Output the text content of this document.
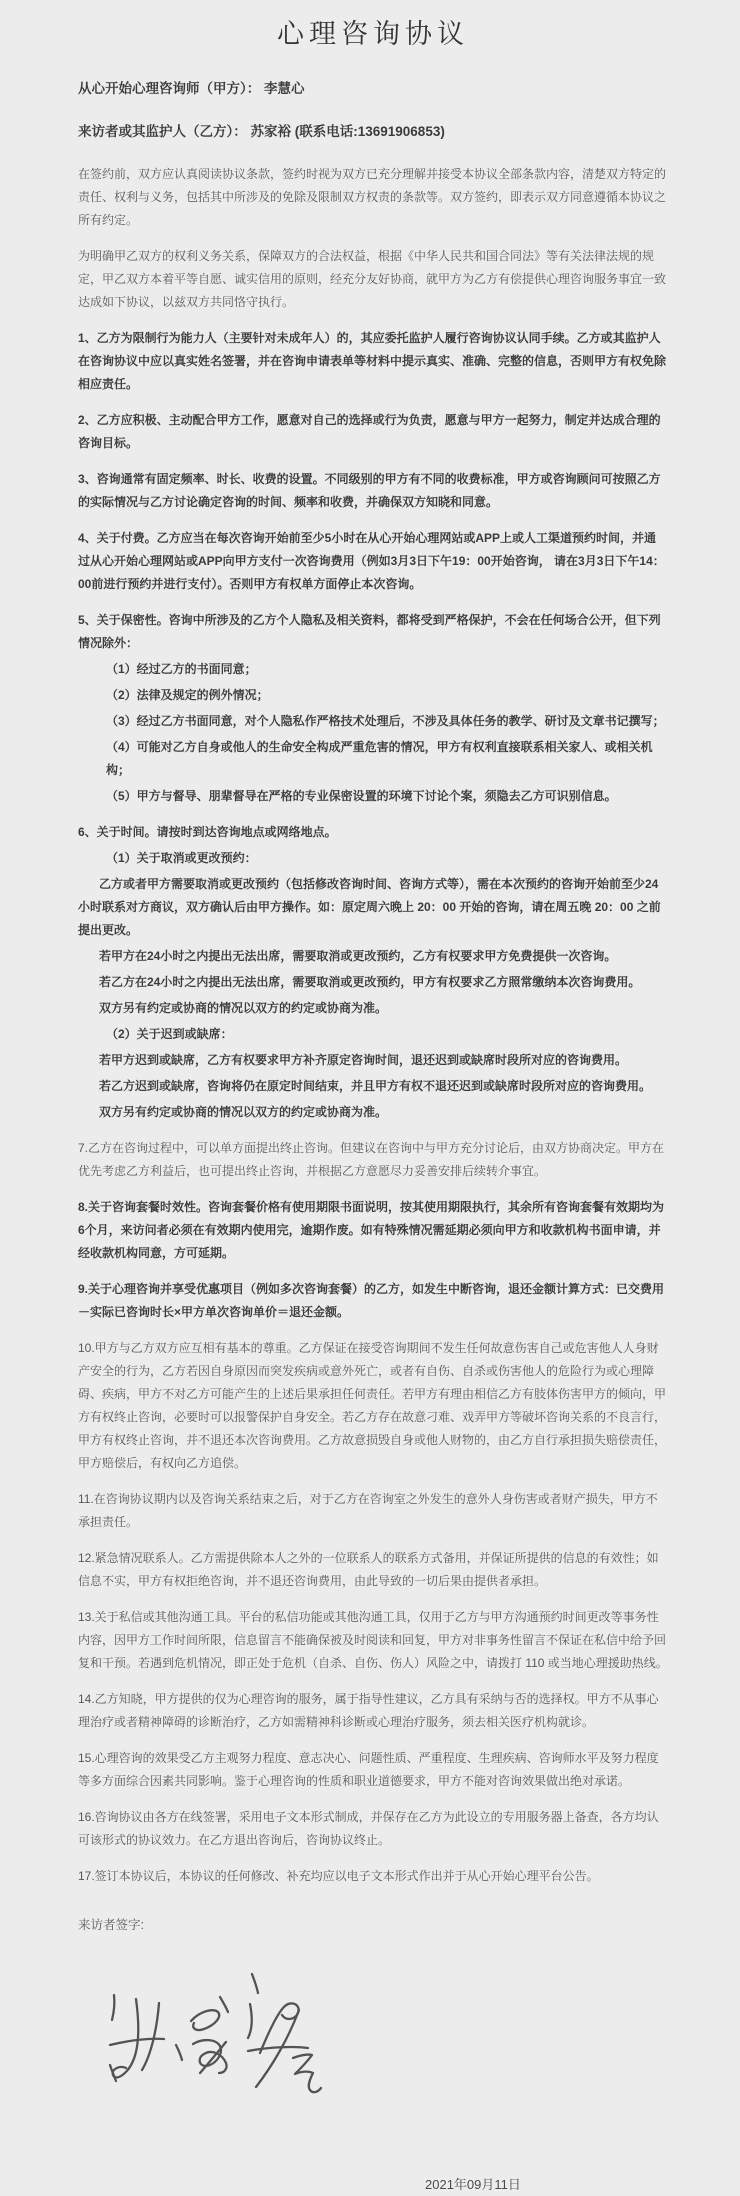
心理咨询协议

从心开始心理咨询师（甲方）： 李慧心

来访者或其监护人（乙方）： 苏家裕 (联系电话:13691906853)

在签约前，双方应认真阅读协议条款，签约时视为双方已充分理解并接受本协议全部条款内容，清楚双方特定的责任、权利与义务，包括其中所涉及的免除及限制双方权责的条款等。双方签约，即表示双方同意遵循本协议之所有约定。

为明确甲乙双方的权利义务关系，保障双方的合法权益，根据《中华人民共和国合同法》等有关法律法规的规定，甲乙双方本着平等自愿、诚实信用的原则，经充分友好协商，就甲方为乙方有偿提供心理咨询服务事宜一致达成如下协议，以兹双方共同恪守执行。

1、乙方为限制行为能力人（主要针对未成年人）的，其应委托监护人履行咨询协议认同手续。乙方或其监护人在咨询协议中应以真实姓名签署，并在咨询申请表单等材料中提示真实、准确、完整的信息，否则甲方有权免除相应责任。

2、乙方应积极、主动配合甲方工作，愿意对自己的选择或行为负责，愿意与甲方一起努力，制定并达成合理的咨询目标。

3、咨询通常有固定频率、时长、收费的设置。不同级别的甲方有不同的收费标准，甲方或咨询顾问可按照乙方的实际情况与乙方讨论确定咨询的时间、频率和收费，并确保双方知晓和同意。

4、关于付费。乙方应当在每次咨询开始前至少5小时在从心开始心理网站或APP上或人工渠道预约时间，并通过从心开始心理网站或APP向甲方支付一次咨询费用（例如3月3日下午19：00开始咨询， 请在3月3日下午14：00前进行预约并进行支付）。否则甲方有权单方面停止本次咨询。

5、关于保密性。咨询中所涉及的乙方个人隐私及相关资料，都将受到严格保护，不会在任何场合公开，但下列情况除外：

（1）经过乙方的书面同意；

（2）法律及规定的例外情况；

（3）经过乙方书面同意，对个人隐私作严格技术处理后，不涉及具体任务的教学、研讨及文章书记撰写；

（4）可能对乙方自身或他人的生命安全构成严重危害的情况，甲方有权利直接联系相关家人、或相关机构；

（5）甲方与督导、朋辈督导在严格的专业保密设置的环境下讨论个案，须隐去乙方可识别信息。

6、关于时间。请按时到达咨询地点或网络地点。

（1）关于取消或更改预约：

乙方或者甲方需要取消或更改预约（包括修改咨询时间、咨询方式等），需在本次预约的咨询开始前至少24小时联系对方商议，双方确认后由甲方操作。如：原定周六晚上 20：00 开始的咨询，请在周五晚 20：00 之前提出更改。

若甲方在24小时之内提出无法出席，需要取消或更改预约，乙方有权要求甲方免费提供一次咨询。

若乙方在24小时之内提出无法出席，需要取消或更改预约，甲方有权要求乙方照常缴纳本次咨询费用。

双方另有约定或协商的情况以双方的约定或协商为准。

（2）关于迟到或缺席：

若甲方迟到或缺席，乙方有权要求甲方补齐原定咨询时间，退还迟到或缺席时段所对应的咨询费用。

若乙方迟到或缺席，咨询将仍在原定时间结束，并且甲方有权不退还迟到或缺席时段所对应的咨询费用。

双方另有约定或协商的情况以双方的约定或协商为准。

7.乙方在咨询过程中，可以单方面提出终止咨询。但建议在咨询中与甲方充分讨论后，由双方协商决定。甲方在优先考虑乙方利益后，也可提出终止咨询，并根据乙方意愿尽力妥善安排后续转介事宜。

8.关于咨询套餐时效性。咨询套餐价格有使用期限书面说明，按其使用期限执行，其余所有咨询套餐有效期均为6个月，来访问者必须在有效期内使用完，逾期作废。如有特殊情况需延期必须向甲方和收款机构书面申请，并经收款机构同意，方可延期。

9.关于心理咨询并享受优惠项目（例如多次咨询套餐）的乙方，如发生中断咨询，退还金额计算方式：已交费用－实际已咨询时长×甲方单次咨询单价＝退还金额。

10.甲方与乙方双方应互相有基本的尊重。乙方保证在接受咨询期间不发生任何故意伤害自己或危害他人人身财产安全的行为，乙方若因自身原因而突发疾病或意外死亡，或者有自伤、自杀或伤害他人的危险行为或心理障碍、疾病，甲方不对乙方可能产生的上述后果承担任何责任。若甲方有理由相信乙方有肢体伤害甲方的倾向，甲方有权终止咨询，必要时可以报警保护自身安全。若乙方存在故意刁难、戏弄甲方等破坏咨询关系的不良言行，甲方有权终止咨询，并不退还本次咨询费用。乙方故意损毁自身或他人财物的，由乙方自行承担损失赔偿责任，甲方赔偿后，有权向乙方追偿。

11.在咨询协议期内以及咨询关系结束之后，对于乙方在咨询室之外发生的意外人身伤害或者财产损失，甲方不承担责任。

12.紧急情况联系人。乙方需提供除本人之外的一位联系人的联系方式备用，并保证所提供的信息的有效性；如信息不实，甲方有权拒绝咨询，并不退还咨询费用，由此导致的一切后果由提供者承担。

13.关于私信或其他沟通工具。平台的私信功能或其他沟通工具，仅用于乙方与甲方沟通预约时间更改等事务性内容，因甲方工作时间所限，信息留言不能确保被及时阅读和回复，甲方对非事务性留言不保证在私信中给予回复和干预。若遇到危机情况，即正处于危机（自杀、自伤、伤人）风险之中，请拨打 110 或当地心理援助热线。

14.乙方知晓，甲方提供的仅为心理咨询的服务，属于指导性建议，乙方具有采纳与否的选择权。甲方不从事心理治疗或者精神障碍的诊断治疗，乙方如需精神科诊断或心理治疗服务，须去相关医疗机构就诊。

15.心理咨询的效果受乙方主观努力程度、意志决心、问题性质、严重程度、生理疾病、咨询师水平及努力程度等多方面综合因素共同影响。鉴于心理咨询的性质和职业道德要求，甲方不能对咨询效果做出绝对承诺。

16.咨询协议由各方在线签署，采用电子文本形式制成，并保存在乙方为此设立的专用服务器上备查，各方均认可该形式的协议效力。在乙方退出咨询后，咨询协议终止。

17.签订本协议后，本协议的任何修改、补充均应以电子文本形式作出并于从心开始心理平台公告。

来访者签字:

2021年09月11日
